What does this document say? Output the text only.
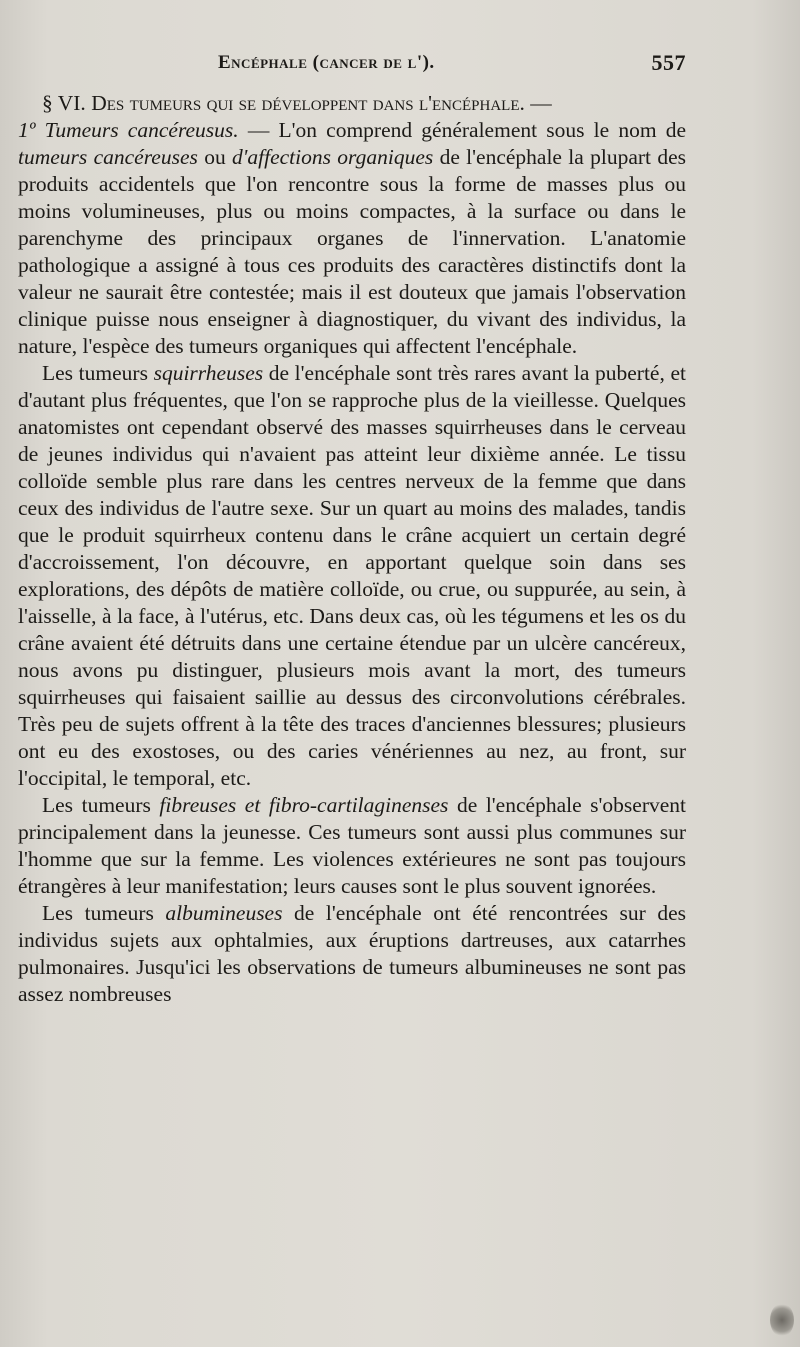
Encéphale (cancer de l').	557

§ VI. Des tumeurs qui se développent dans l'encéphale. —
1º Tumeurs cancéreusus. — L'on comprend généralement sous le nom de tumeurs cancéreuses ou d'affections organiques de l'encéphale la plupart des produits accidentels que l'on rencontre sous la forme de masses plus ou moins volumineuses, plus ou moins compactes, à la surface ou dans le parenchyme des principaux organes de l'innervation. L'anatomie pathologique a assigné à tous ces produits des caractères distinctifs dont la valeur ne saurait être contestée; mais il est douteux que jamais l'observation clinique puisse nous enseigner à diagnostiquer, du vivant des individus, la nature, l'espèce des tumeurs organiques qui affectent l'encéphale.

Les tumeurs squirrheuses de l'encéphale sont très rares avant la puberté, et d'autant plus fréquentes, que l'on se rapproche plus de la vieillesse. Quelques anatomistes ont cependant observé des masses squirrheuses dans le cerveau de jeunes individus qui n'avaient pas atteint leur dixième année. Le tissu colloïde semble plus rare dans les centres nerveux de la femme que dans ceux des individus de l'autre sexe. Sur un quart au moins des malades, tandis que le produit squirrheux contenu dans le crâne acquiert un certain degré d'accroissement, l'on découvre, en apportant quelque soin dans ses explorations, des dépôts de matière colloïde, ou crue, ou suppurée, au sein, à l'aisselle, à la face, à l'utérus, etc. Dans deux cas, où les tégumens et les os du crâne avaient été détruits dans une certaine étendue par un ulcère cancéreux, nous avons pu distinguer, plusieurs mois avant la mort, des tumeurs squirrheuses qui faisaient saillie au dessus des circonvolutions cérébrales. Très peu de sujets offrent à la tête des traces d'anciennes blessures; plusieurs ont eu des exostoses, ou des caries vénériennes au nez, au front, sur l'occipital, le temporal, etc.

Les tumeurs fibreuses et fibro-cartilaginenses de l'encéphale s'observent principalement dans la jeunesse. Ces tumeurs sont aussi plus communes sur l'homme que sur la femme. Les violences extérieures ne sont pas toujours étrangères à leur manifestation; leurs causes sont le plus souvent ignorées.

Les tumeurs albumineuses de l'encéphale ont été rencontrées sur des individus sujets aux ophtalmies, aux éruptions dartreuses, aux catarrhes pulmonaires. Jusqu'ici les observations de tumeurs albumineuses ne sont pas assez nombreuses
